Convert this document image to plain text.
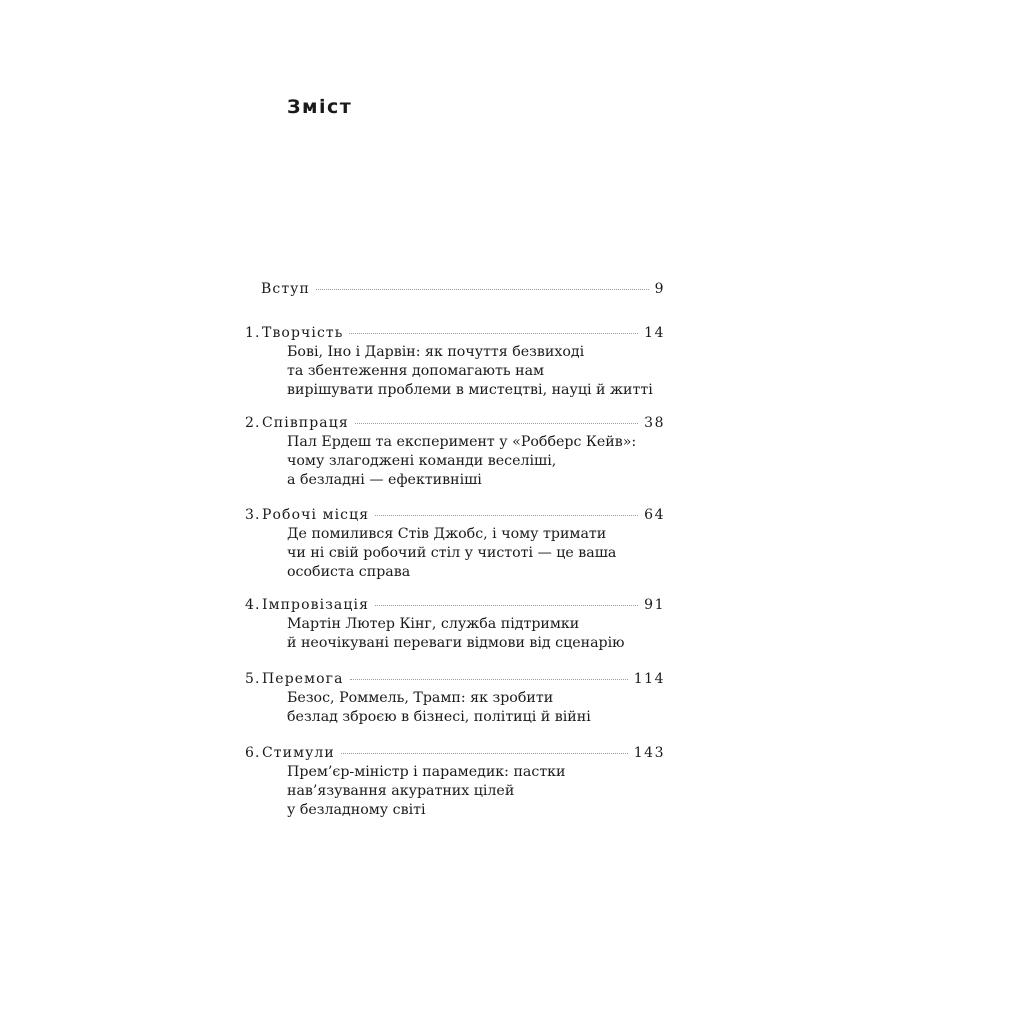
Зміст
Вступ	9
1. Творчість	14

Бові, Іно і Дарвін: як почуття безвиході
та збентеження допомагають нам
вирішувати проблеми в мистецтві, науці й житті

2. Співпраця	38

Пал Ердеш та експеримент у «Робберс Кейв»:
чому злагоджені команди веселіші,
а безладні — ефективніші

3. Робочі місця	64

Де помилився Стів Джобс, і чому тримати
чи ні свій робочий стіл у чистоті — це ваша
особиста справа

4. Імпровізація	91

Мартін Лютер Кінг, служба підтримки
й неочікувані переваги відмови від сценарію

5. Перемога	114

Безос, Роммель, Трамп: як зробити
безлад зброєю в бізнесі, політиці й війні

6. Стимули	143

Прем’єр-міністр і парамедик: пастки
нав’язування акуратних цілей
у безладному світі
